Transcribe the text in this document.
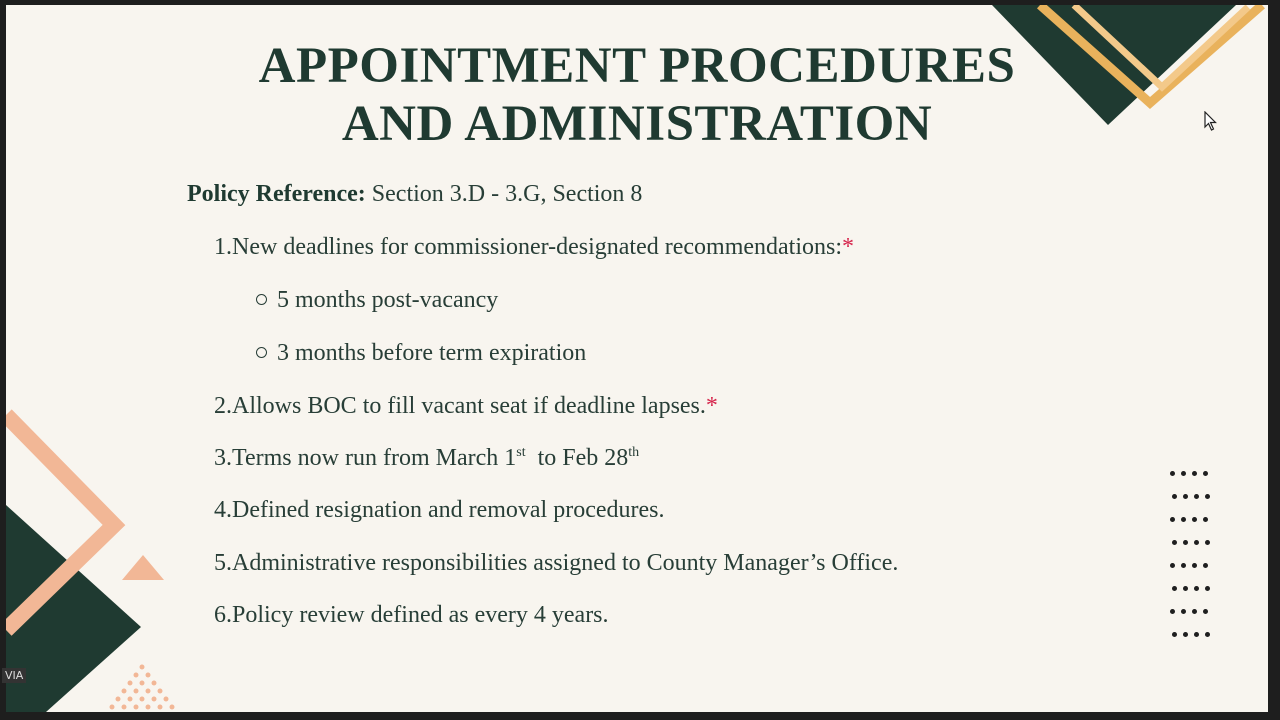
APPOINTMENT PROCEDURES
AND ADMINISTRATION
Policy Reference: Section 3.D - 3.G, Section 8
1.New deadlines for commissioner-designated recommendations:*
5 months post-vacancy
3 months before term expiration
2.Allows BOC to fill vacant seat if deadline lapses.*
3.Terms now run from March 1st  to Feb 28th
4.Defined resignation and removal procedures.
5.Administrative responsibilities assigned to County Manager’s Office.
6.Policy review defined as every 4 years.
VIA
